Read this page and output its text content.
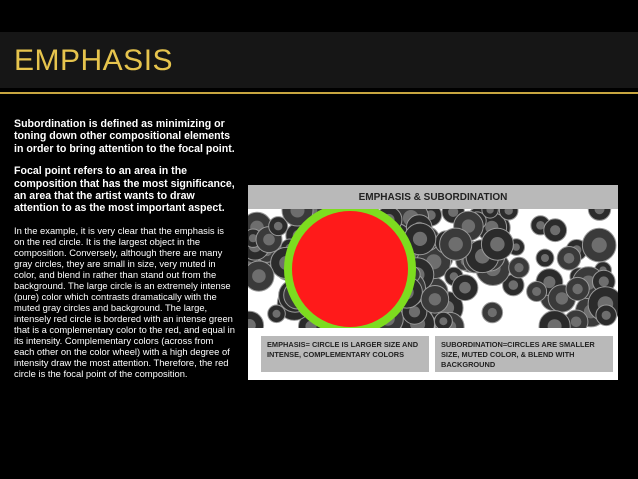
EMPHASIS

Subordination is defined as minimizing or toning down other compositional elements in order to bring attention to the focal point.

Focal point refers to an area in the composition that has the most significance, an area that the artist wants to draw attention to as the most important aspect.

In the example, it is very clear that the emphasis is on the red circle. It is the largest object in the composition. Conversely, although there are many gray circles, they are small in size, very muted in color, and blend in rather than stand out from the background. The large circle is an extremely intense (pure) color which contrasts dramatically with the muted gray circles and background. The large, intensely red circle is bordered with an intense green that is a complementary color to the red, and equal in its intensity. Complementary colors (across from each other on the color wheel) with a high degree of intensity draw the most attention. Therefore, the red circle is the focal point of the composition.

EMPHASIS & SUBORDINATION
EMPHASIS= CIRCLE IS LARGER SIZE AND INTENSE, COMPLEMENTARY COLORS
SUBORDINATION=CIRCLES ARE SMALLER SIZE, MUTED COLOR, & BLEND WITH BACKGROUND
